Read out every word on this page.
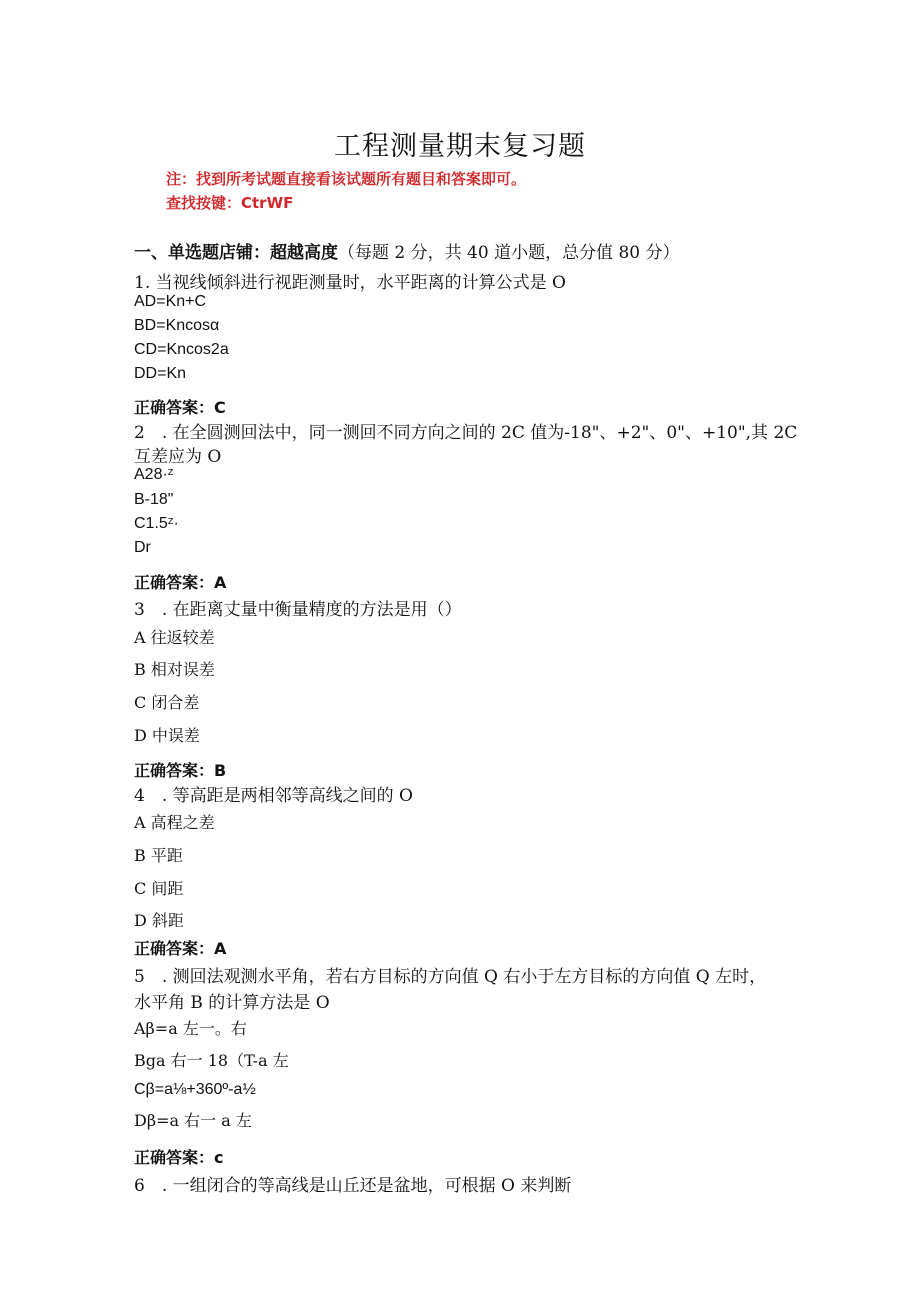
工程测量期末复习题
注：找到所考试题直接看该试题所有题目和答案即可。
查找按键：CtrWF
一、单选题店铺：超越高度（每题 2 分，共 40 道小题，总分值 80 分）
1. 当视线倾斜进行视距测量时，水平距离的计算公式是 O
AD=Kn+C
BD=Kncosα
CD=Kncos2a
DD=Kn
正确答案：C
2　. 在全圆测回法中，同一测回不同方向之间的 2C 值为-18"、+2"、0"、+10",其 2C
互差应为 O
A28·ᶻ
B-18"
C1.5ᶻ·
Dr
正确答案：A
3　. 在距离丈量中衡量精度的方法是用（）
A 往返较差
B 相对误差
C 闭合差
D 中误差
正确答案：B
4　. 等高距是两相邻等高线之间的 O
A 高程之差
B 平距
C 间距
D 斜距
正确答案：A
5　. 测回法观测水平角，若右方目标的方向值 Q 右小于左方目标的方向值 Q 左时，
水平角 B 的计算方法是 O
Aβ=a 左一。右
Bga 右一 18（T-a 左
Cβ=a⅛+360º-a½
Dβ=a 右一 a 左
正确答案：c
6　. 一组闭合的等高线是山丘还是盆地，可根据 O 来判断
